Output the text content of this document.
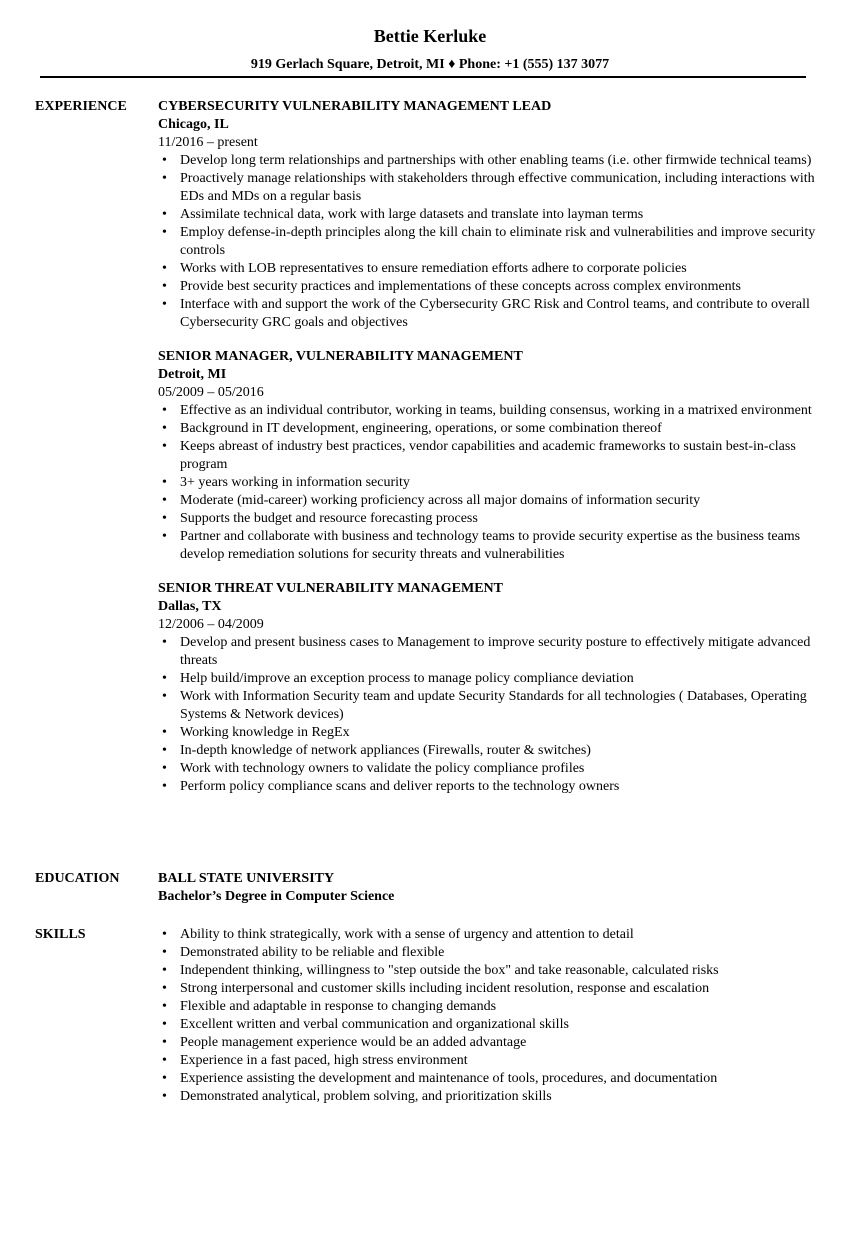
Bettie Kerluke
919 Gerlach Square, Detroit, MI ♦ Phone: +1 (555) 137 3077
EXPERIENCE	CYBERSECURITY VULNERABILITY MANAGEMENT LEAD
Chicago, IL
11/2016 – present
• Develop long term relationships and partnerships with other enabling teams (i.e. other firmwide technical teams)
• Proactively manage relationships with stakeholders through effective communication, including interactions with EDs and MDs on a regular basis
• Assimilate technical data, work with large datasets and translate into layman terms
• Employ defense-in-depth principles along the kill chain to eliminate risk and vulnerabilities and improve security controls
• Works with LOB representatives to ensure remediation efforts adhere to corporate policies
• Provide best security practices and implementations of these concepts across complex environments
• Interface with and support the work of the Cybersecurity GRC Risk and Control teams, and contribute to overall Cybersecurity GRC goals and objectives
SENIOR MANAGER, VULNERABILITY MANAGEMENT
Detroit, MI
05/2009 – 05/2016
• Effective as an individual contributor, working in teams, building consensus, working in a matrixed environment
• Background in IT development, engineering, operations, or some combination thereof
• Keeps abreast of industry best practices, vendor capabilities and academic frameworks to sustain best-in-class program
• 3+ years working in information security
• Moderate (mid-career) working proficiency across all major domains of information security
• Supports the budget and resource forecasting process
• Partner and collaborate with business and technology teams to provide security expertise as the business teams develop remediation solutions for security threats and vulnerabilities
SENIOR THREAT VULNERABILITY MANAGEMENT
Dallas, TX
12/2006 – 04/2009
• Develop and present business cases to Management to improve security posture to effectively mitigate advanced threats
• Help build/improve an exception process to manage policy compliance deviation
• Work with Information Security team and update Security Standards for all technologies ( Databases, Operating Systems & Network devices)
• Working knowledge in RegEx
• In-depth knowledge of network appliances (Firewalls, router & switches)
• Work with technology owners to validate the policy compliance profiles
• Perform policy compliance scans and deliver reports to the technology owners
EDUCATION	BALL STATE UNIVERSITY
Bachelor’s Degree in Computer Science
SKILLS
•	Ability to think strategically, work with a sense of urgency and attention to detail
• Demonstrated ability to be reliable and flexible
• Independent thinking, willingness to "step outside the box" and take reasonable, calculated risks
• Strong interpersonal and customer skills including incident resolution, response and escalation
• Flexible and adaptable in response to changing demands
• Excellent written and verbal communication and organizational skills
• People management experience would be an added advantage
• Experience in a fast paced, high stress environment
• Experience assisting the development and maintenance of tools, procedures, and documentation
• Demonstrated analytical, problem solving, and prioritization skills
